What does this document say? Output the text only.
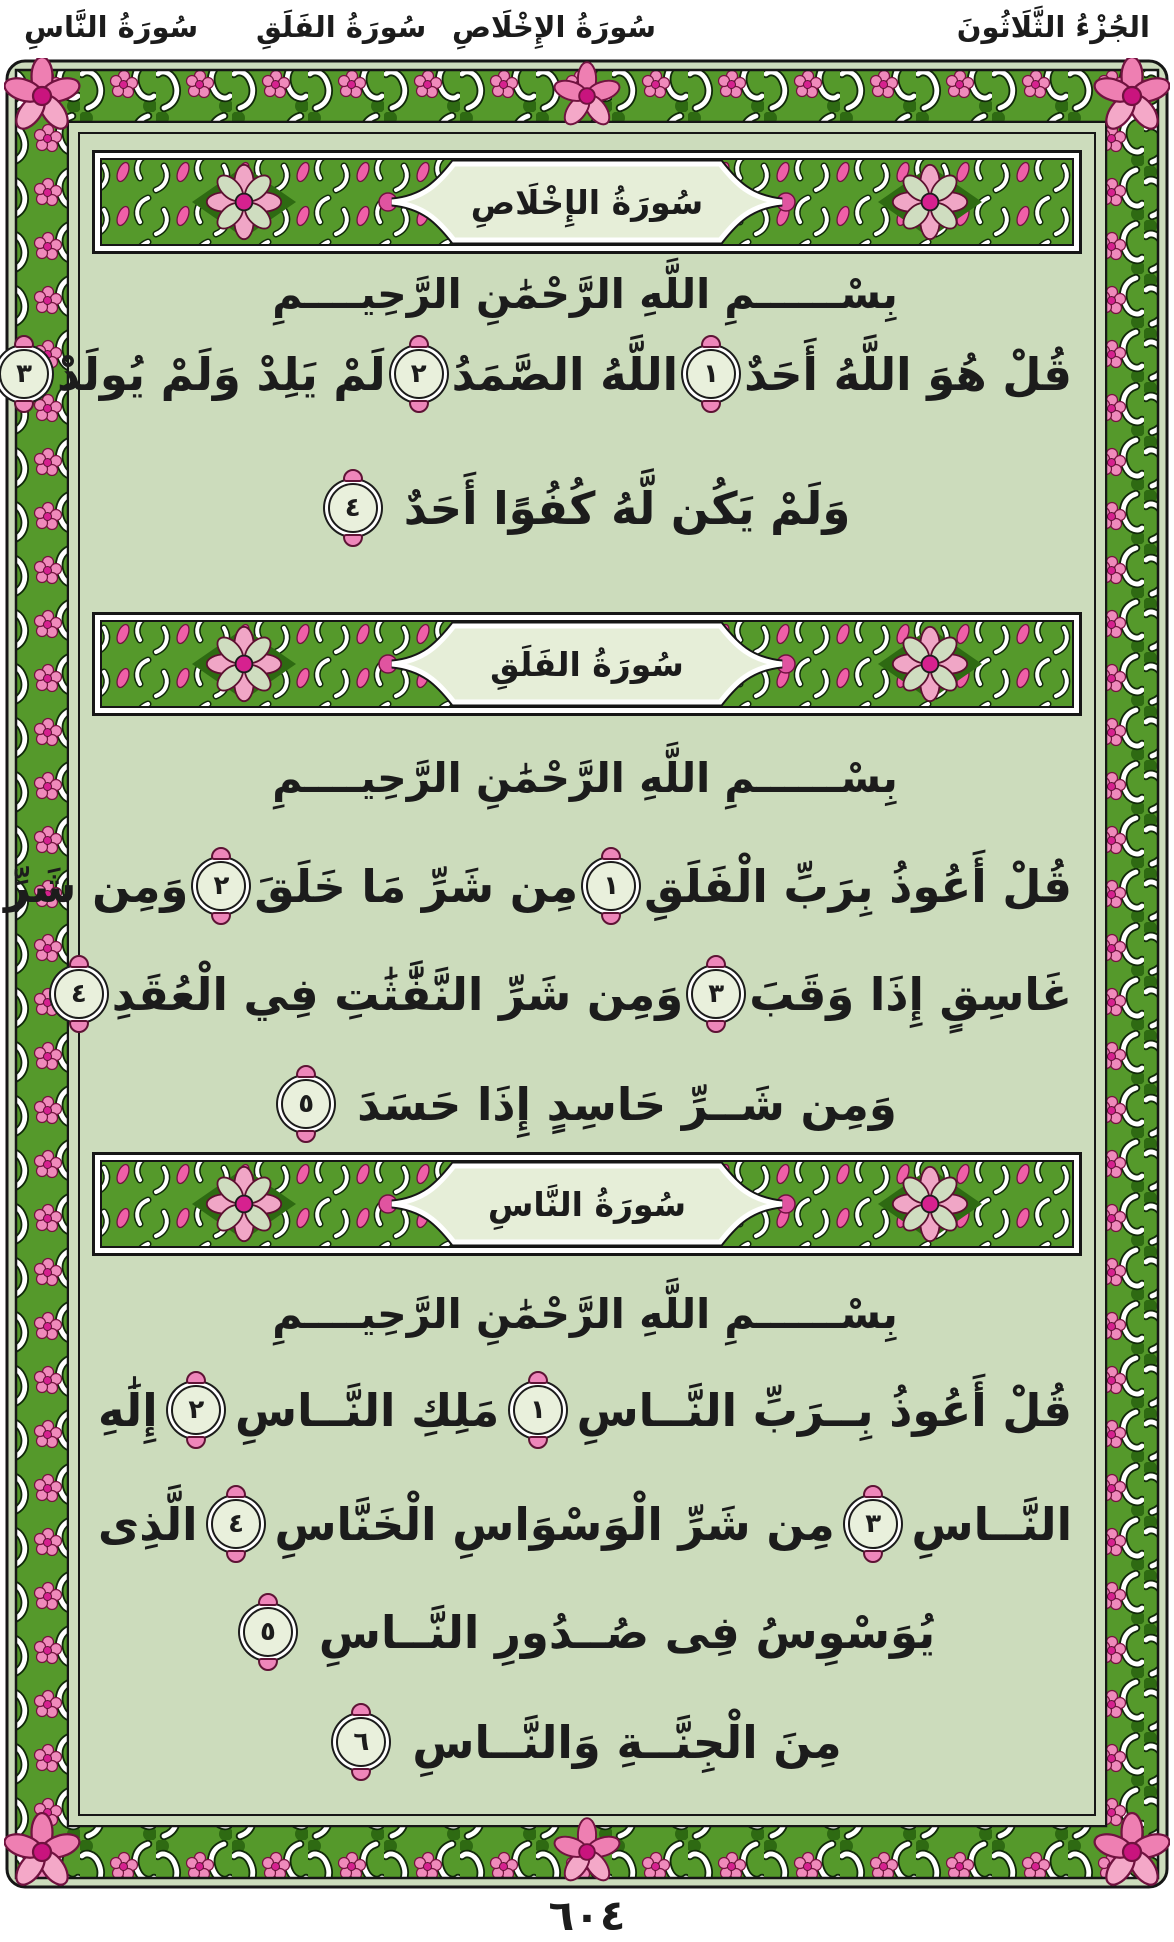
الجُزْءُ الثَّلَاثُونَ
سُورَةُ الإِخْلَاصِ
سُورَةُ الفَلَقِ
سُورَةُ النَّاسِ
سُورَةُ الإِخْلَاصِ
بِسْــــــمِ اللَّهِ الرَّحْمَٰنِ الرَّحِيــــمِ
قُلْ هُوَ اللَّهُ أَحَدٌ
١
اللَّهُ الصَّمَدُ
٢
لَمْ يَلِدْ وَلَمْ يُولَدْ
٣
وَلَمْ يَكُن لَّهُ كُفُوًا أَحَدٌ
٤
سُورَةُ الفَلَقِ
بِسْــــــمِ اللَّهِ الرَّحْمَٰنِ الرَّحِيــــمِ
قُلْ أَعُوذُ بِرَبِّ الْفَلَقِ
١
مِن شَرِّ مَا خَلَقَ
٢
وَمِن شَرِّ
غَاسِقٍ إِذَا وَقَبَ
٣
وَمِن شَرِّ النَّفَّٰثَٰتِ فِي الْعُقَدِ
٤
وَمِن شَــرِّ حَاسِدٍ إِذَا حَسَدَ
٥
سُورَةُ النَّاسِ
بِسْــــــمِ اللَّهِ الرَّحْمَٰنِ الرَّحِيــــمِ
قُلْ أَعُوذُ بِــرَبِّ النَّــاسِ
١
مَلِكِ النَّــاسِ
٢
إِلَٰهِ
النَّــاسِ
٣
مِن شَرِّ الْوَسْوَاسِ الْخَنَّاسِ
٤
الَّذِى
يُوَسْوِسُ فِى صُــدُورِ النَّــاسِ
٥
مِنَ الْجِنَّــةِ وَالنَّــاسِ
٦
٦٠٤
